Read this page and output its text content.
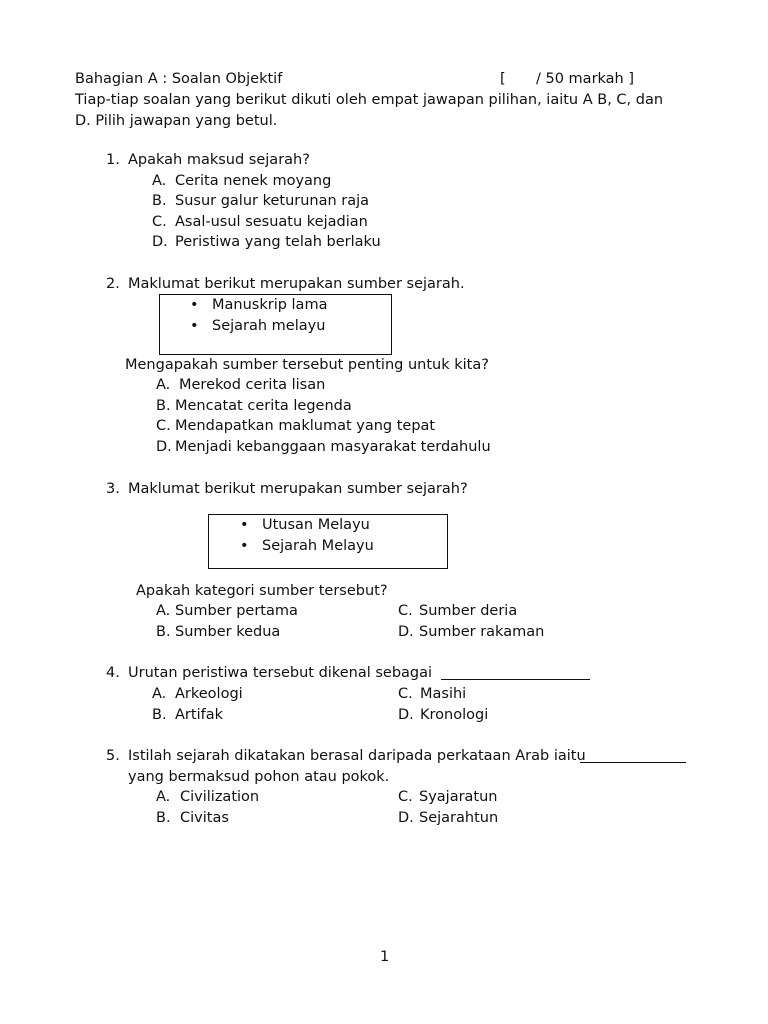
Bahagian A : Soalan Objektif	[ / 50 markah ]
Tiap-tiap soalan yang berikut dikuti oleh empat jawapan pilihan, iaitu A B, C, dan
D. Pilih jawapan yang betul.
1. Apakah maksud sejarah?
A. Cerita nenek moyang
B. Susur galur keturunan raja
C. Asal-usul sesuatu kejadian
D. Peristiwa yang telah berlaku
2. Maklumat berikut merupakan sumber sejarah.
• Manuskrip lama
• Sejarah melayu
Mengapakah sumber tersebut penting untuk kita?
A. Merekod cerita lisan
B. Mencatat cerita legenda
C. Mendapatkan maklumat yang tepat
D. Menjadi kebanggaan masyarakat terdahulu
3. Maklumat berikut merupakan sumber sejarah?
• Utusan Melayu
• Sejarah Melayu
Apakah kategori sumber tersebut?
A. Sumber pertama
B. Sumber kedua
C. Sumber deria
D. Sumber rakaman
4. Urutan peristiwa tersebut dikenal sebagai
A. Arkeologi
B. Artifak
C. Masihi
D. Kronologi
5. Istilah sejarah dikatakan berasal daripada perkataan Arab iaitu
yang bermaksud pohon atau pokok.
A. Civilization
B. Civitas
C. Syajaratun
D. Sejarahtun
1
